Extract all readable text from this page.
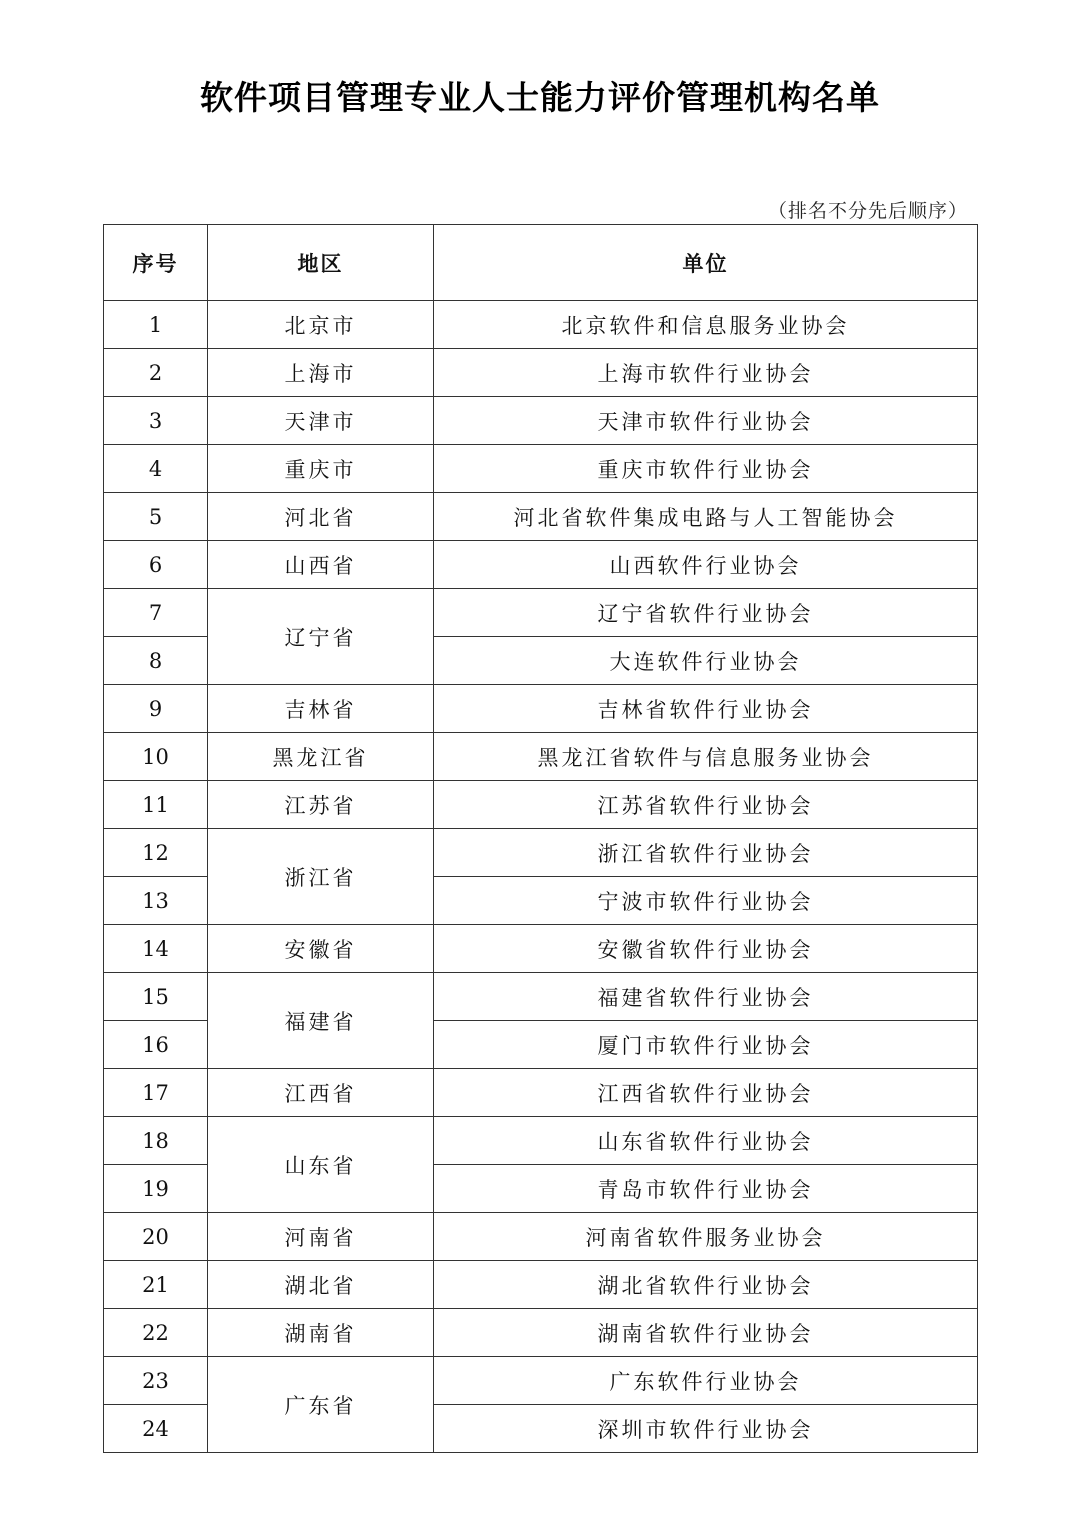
软件项目管理专业人士能力评价管理机构名单
（排名不分先后顺序）
序号	地区	单位
1	北京市	北京软件和信息服务业协会
2	上海市	上海市软件行业协会
3	天津市	天津市软件行业协会
4	重庆市	重庆市软件行业协会
5	河北省	河北省软件集成电路与人工智能协会
6	山西省	山西软件行业协会
7	辽宁省	辽宁省软件行业协会
8		大连软件行业协会
9	吉林省	吉林省软件行业协会
10	黑龙江省	黑龙江省软件与信息服务业协会
11	江苏省	江苏省软件行业协会
12	浙江省	浙江省软件行业协会
13		宁波市软件行业协会
14	安徽省	安徽省软件行业协会
15	福建省	福建省软件行业协会
16		厦门市软件行业协会
17	江西省	江西省软件行业协会
18	山东省	山东省软件行业协会
19		青岛市软件行业协会
20	河南省	河南省软件服务业协会
21	湖北省	湖北省软件行业协会
22	湖南省	湖南省软件行业协会
23	广东省	广东软件行业协会
24		深圳市软件行业协会
